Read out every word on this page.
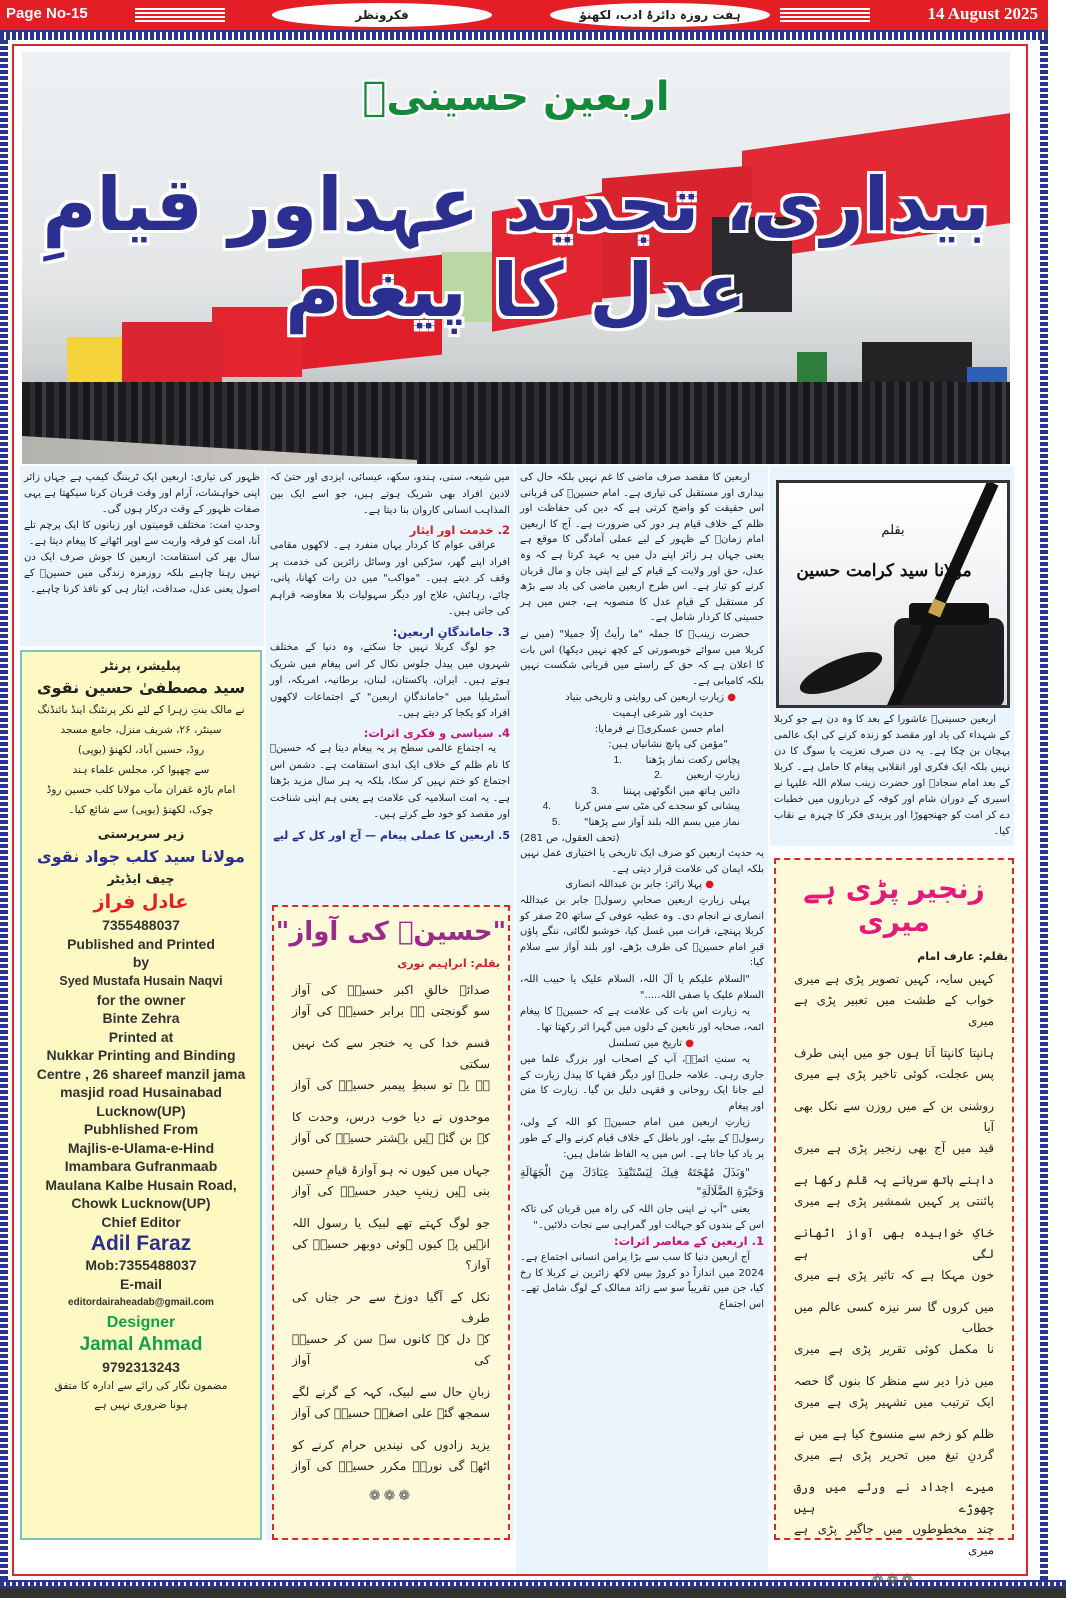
Page No-15	فکرونظر	ہفت روزہ دائرۂ ادب، لکھنؤ	14 August 2025
اربعین حسینیؑ
بیداری، تجدید عہداور قیامِ عدل کا پیغام

ظہور کی تیاری: اربعین ایک ٹریننگ کیمپ ہے جہاں زائر اپنی خواہشات، آرام اور وقت قربان کرنا سیکھتا ہے یہی صفات ظہور کے وقت درکار ہوں گی۔

وحدتِ امت: مختلف قومیتوں اور زبانوں کا ایک پرچم تلے آنا، امت کو فرقہ واریت سے اوپر اٹھانے کا پیغام دیتا ہے۔

سال بھر کی استقامت: اربعین کا جوش صرف ایک دن نہیں رہنا چاہیے بلکہ روزمرہ زندگی میں حسینؑ کے اصول یعنی عدل، صداقت، ایثار ہی کو نافذ کرنا چاہیے۔

پبلیشر، پرنٹر
سید مصطفیٰ حسین نقوی
نے مالک بنتِ زہرا کے لئے نکر پرنٹنگ اینڈ بائنڈنگ
سینٹر، ۲۶، شریف منزل، جامع مسجد
روڈ، حسین آباد، لکھنؤ (یوپی)
سے چھپوا کر، مجلس علماء ہند
امام باڑہ غفران مآب مولانا کلب حسین روڈ
چوک، لکھنؤ (یوپی) سے شائع کیا۔
زیر سرپرستی
مولانا سید کلب جواد نقوی
چیف ایڈیٹر
عادل فراز
7355488037
Published and Printed
by
Syed Mustafa Husain Naqvi
for the owner
Binte Zehra
Printed at
Nukkar Printing and Binding
Centre , 26 shareef manzil jama
masjid road Husainabad
Lucknow(UP)
Pubhlished From
Majlis-e-Ulama-e-Hind
Imambara Gufranmaab
Maulana Kalbe Husain Road,
Chowk Lucknow(UP)
Chief Editor
Adil Faraz
Mob:7355488037
E-mail
editordairaheadab@gmail.com
Designer
Jamal Ahmad
9792313243
مضمون نگار کی رائے سے ادارہ کا متفق ہونا ضروری نہیں ہے

میں شیعہ، سنی، ہندو، سکھ، عیسائی، ایزدی اور حتیٰ کہ لادین افراد بھی شریک ہوتے ہیں، جو اسے ایک بین المذاہب انسانی کاروان بنا دیتا ہے۔

2. خدمت اور ایثار

عراقی عوام کا کردار یہاں منفرد ہے۔ لاکھوں مقامی افراد اپنے گھر، سڑکیں اور وسائل زائرین کی خدمت پر وقف کر دیتے ہیں۔ "مواکب" میں دن رات کھانا، پانی، چائے، رہائش، علاج اور دیگر سہولیات بلا معاوضہ فراہم کی جاتی ہیں۔

3. جاماندگانِ اربعین:

جو لوگ کربلا نہیں جا سکتے، وہ دنیا کے مختلف شہروں میں پیدل جلوس نکال کر اس پیغام میں شریک ہوتے ہیں۔ ایران، پاکستان، لبنان، برطانیہ، امریکہ، اور آسٹریلیا میں "جاماندگانِ اربعین" کے اجتماعات لاکھوں افراد کو یکجا کر دیتے ہیں۔

4. سیاسی و فکری اثرات:

یہ اجتماع عالمی سطح پر یہ پیغام دیتا ہے کہ حسینؑ کا نام ظلم کے خلاف ایک ابدی استقامت ہے۔ دشمن اس اجتماع کو ختم نہیں کر سکا، بلکہ یہ ہر سال مزید بڑھتا ہے۔ یہ امت اسلامیہ کی علامت ہے یعنی ہم اپنی شناخت اور مقصد کو خود طے کرتے ہیں۔

5. اربعین کا عملی پیغام — آج اور کل کے لیے

"حسینؑ کی آواز"
بقلم: ابراہیم نوری
صدائے خالقِ اکبر حسینؑ کی آواز
سو گونجتی ہے برابر حسینؑ کی آواز
قسم خدا کی یہ خنجر سے کٹ نہیں سکتی
ہے یہ تو سبطِ پیمبر حسینؑ کی آواز
موحدوں نے دیا خوب درس، وحدت کا
کہ بن گئے ہیں بہشتر حسینؑ کی آواز
جہاں میں کیوں نہ ہو آوازۂ قیامِ حسین
بنی ہیں زینبِ حیدر حسینؑ کی آواز
جو لوگ کہتے تھے لبیک یا رسول اللہ
انہیں پہ کیوں ہوئی دوبھر حسینؑ کی آواز؟
نکل کے آگیا دوزخ سے حر جناں کی طرف
کہ دل کے کانوں سے سن کر حسینؑ کی آواز
زبانِ حال سے لبیک، کہہ کے گرنے لگے
سمجھ گئے علی اصغرؑ حسینؑ کی آواز
یزید زادوں کی نیندیں حرام کرنے کو
اٹھے گی نوریؔ مکرر حسینؑ کی آواز
❁❁❁

اربعین کا مقصد صرف ماضی کا غم نہیں بلکہ حال کی بیداری اور مستقبل کی تیاری ہے۔ امام حسینؑ کی قربانی اس حقیقت کو واضح کرتی ہے کہ دین کی حفاظت اور ظلم کے خلاف قیام ہر دور کی ضرورت ہے۔ آج کا اربعین امام زمانؑ کے ظہور کے لیے عملی آمادگی کا موقع ہے یعنی جہاں ہر زائر اپنے دل میں یہ عہد کرتا ہے کہ وہ عدل، حق اور ولایت کے قیام کے لیے اپنی جان و مال قربان کرنے کو تیار ہے۔ اس طرح اربعین ماضی کی یاد سے بڑھ کر مستقبل کے قیامِ عدل کا منصوبہ ہے، جس میں ہر حسینی کا کردار شامل ہے۔

حضرت زینبؑ کا جملہ "ما رأیتُ إلّا جمیلا" (میں نے کربلا میں سوائے خوبصورتی کے کچھ نہیں دیکھا) اس بات کا اعلان ہے کہ حق کے راستے میں قربانی شکست نہیں بلکہ کامیابی ہے۔

● زیارتِ اربعین کی روایتی و تاریخی بنیاد

حدیث اور شرعی اہمیت

امام حسن عسکریؑ نے فرمایا:

"مؤمن کی پانچ نشانیاں ہیں:

پچاس رکعت نماز پڑھنا
1.
زیارتِ اربعین
2.
دائیں ہاتھ میں انگوٹھی پہننا
3.
پیشانی کو سجدے کی مٹی سے مس کرنا
4.
نماز میں بسم اللہ بلند آواز سے پڑھنا"
5.

(تحف العقول، ص 281)

یہ حدیث اربعین کو صرف ایک تاریخی یا اختیاری عمل نہیں بلکہ ایمان کی علامت قرار دیتی ہے۔

● پہلا زائر: جابر بن عبداللہ انصاری

پہلی زیارتِ اربعین صحابیِ رسولؐ جابر بن عبداللہ انصاری نے انجام دی۔ وہ عطیہ عوفی کے ساتھ 20 صفر کو کربلا پہنچے، فرات میں غسل کیا، خوشبو لگائی، ننگے پاؤں قبرِ امام حسینؑ کی طرف بڑھے، اور بلند آواز سے سلام کیا:

"السلام علیکم یا آلَ اللہ، السلام علیک یا حبیب اللہ، السلام علیک یا صفی اللہ....."

یہ زیارت اس بات کی علامت ہے کہ حسینؑ کا پیغام ائمہ، صحابہ اور تابعین کے دلوں میں گہرا اثر رکھتا تھا۔

● تاریخ میں تسلسل

یہ سنتِ ائمہؑ، آپ کے اصحاب اور بزرگ علما میں جاری رہی۔ علامہ حلیؒ اور دیگر فقہا کا پیدل زیارت کے لیے جانا ایک روحانی و فقہی دلیل بن گیا۔ زیارت کا متن اور پیغام

زیارتِ اربعین میں امام حسینؑ کو اللہ کے ولی، رسولؐ کے بیٹے، اور باطل کے خلاف قیام کرنے والے کے طور پر یاد کیا جاتا ہے۔ اس میں یہ الفاظ شامل ہیں:

"وَبَذَلَ مُهْجَتَهُ فِيكَ لِيَسْتَنْقِذَ عِبَادَكَ مِنَ الْجَهَالَةِ وَحَيْرَةِ الضَّلَالَةِ"

یعنی "آپ نے اپنی جان اللہ کی راہ میں قربان کی تاکہ اس کے بندوں کو جہالت اور گمراہی سے نجات دلائیں۔"

1. اربعین کے معاصر اثرات:

آج اربعین دنیا کا سب سے بڑا پرامن انسانی اجتماع ہے۔ 2024 میں اندازاً دو کروڑ بیس لاکھ زائرین نے کربلا کا رخ کیا، جن میں تقریباً سو سے زائد ممالک کے لوگ شامل تھے۔ اس اجتماع

بقلم
مولانا سید کرامت حسین

اربعین حسینیؑ عاشورا کے بعد کا وہ دن ہے جو کربلا کے شہداء کی یاد اور مقصد کو زندہ کرنے کی ایک عالمی پہچان بن چکا ہے۔ یہ دن صرف تعزیت یا سوگ کا دن نہیں بلکہ ایک فکری اور انقلابی پیغام کا حامل ہے۔ کربلا کے بعد امام سجادؑ اور حضرت زینب سلام اللہ علیہا نے اسیری کے دوران شام اور کوفہ کے درباروں میں خطبات دے کر امت کو جھنجھوڑا اور یزیدی فکر کا چہرہ بے نقاب کیا۔

زنجیر پڑی ہے میری
بقلم: عارف امام
کہیں سایہ، کہیں تصویر پڑی ہے میری
خواب کے طشت میں تعبیر پڑی ہے میری
ہانپتا کانپتا آتا ہوں جو میں اپنی طرف
پس عجلت، کوئی تاخیر پڑی ہے میری
روشنی بن کے میں روزن سے نکل بھی آیا
قید میں آج بھی زنجیر پڑی ہے میری
داہنے ہاتھ سرہانے پہ قلم رکھا ہے
پائنتی پر کہیں شمشیر پڑی ہے میری
خاکِ خوابیدہ بھی آواز اٹھانے لگی ہے
خون مہکا ہے کہ تاثیر پڑی ہے میری
میں کروں گا سر نیزہ کسی عالم میں خطاب
نا مکمل کوئی تقریر پڑی ہے میری
میں ذرا دیر سے منظر کا بنوں گا حصہ
ایک ترتیب میں تشہیر پڑی ہے میری
ظلم کو زخم سے منسوخ کیا ہے میں نے
گردنِ تیغ میں تحریر پڑی ہے میری
میرے اجداد نے ورثے میں ورق چھوڑے ہیں
چند مخطوطوں میں جاگیر پڑی ہے میری
❁❁❁
